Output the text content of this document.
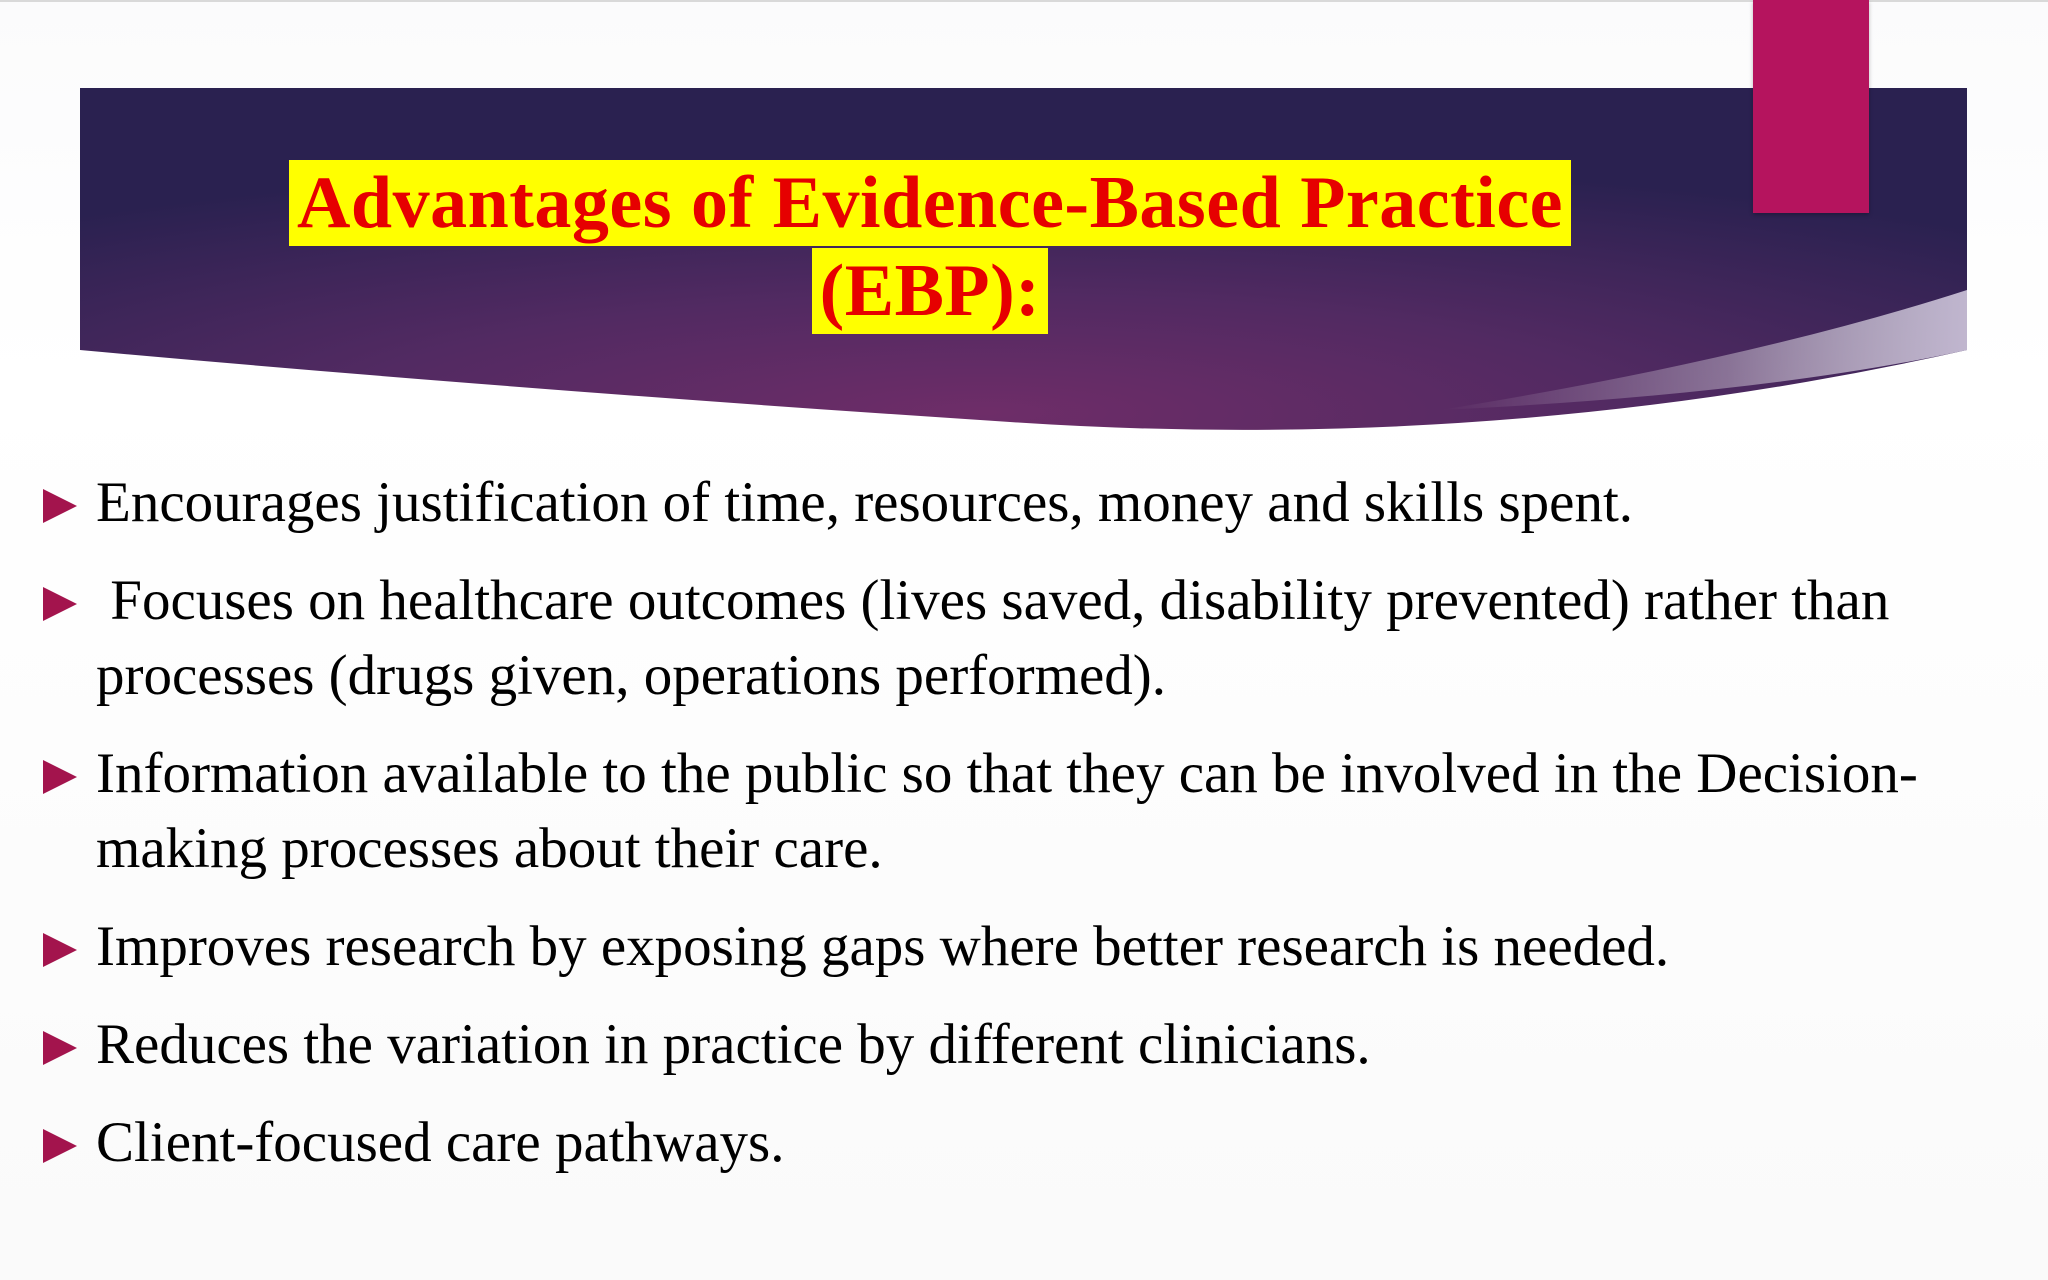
Advantages of Evidence-Based Practice
(EBP):
Encourages justification of time, resources, money and skills spent.
Focuses on healthcare outcomes (lives saved, disability prevented) rather than processes (drugs given, operations performed).
Information available to the public so that they can be involved in the Decision-making processes about their care.
Improves research by exposing gaps where better research is needed.
Reduces the variation in practice by different clinicians.
Client-focused care pathways.
